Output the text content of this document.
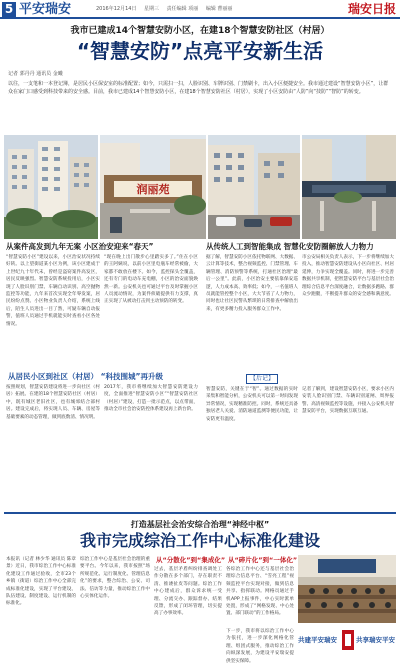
5 平安瑞安	2016年12月14日 星期三 责任编辑 项丽 编辑 曹丽丽	瑞安日报
我市已建成14个智慧安防小区，在建18个智慧安防社区（村居）
“智慧安防”点亮平安新生活
记者 郭丹丹 通讯员 金曦
以往，一支笔和一本登记簿，是居民小区保安室的标准配置；如今，只需扫一扫，人脸识别、车牌识别、门禁刷卡，出入小区便捷安全。我市通过建设“智慧安防小区”，让群众在家门口感受到科技带来的安全感。目前，我市已建成14个智慧安防小区，在建18个智慧安防社区（村居），实现了小区安防由“人防”向“技防”“智防”的转变。
润丽苑
从案件高发到九年无案 小区治安迎来“春天”	从传统人工到智能集成 智慧化安防圈解放人力物力
“智慧安防小区”建设以来，小区治安状况持续好转。以上望街道某小区为例，该小区建成于上世纪九十年代末，曾经是盗窃案件高发区，居民反映强烈。智慧安防系统投用后，小区实现了人脸识别门禁、车辆自动识别、高空抛物监控等功能，九年来首次实现全年零发案，居民纷纷点赞。小区物业负责人介绍，系统上线后，陌生人员进出一目了然，可疑车辆自动报警，值班人员通过手机就能实时查看小区各处情况。
“现在晚上出门散步心里踏实多了。”住在小区的王阿姨说，以前小区里电瓶车经常被偷，大家都不敢放在楼下。如今，监控探头全覆盖，还有专门的电动车充电棚，小区的治安面貌焕然一新。公安机关也可通过平台及时掌握小区人员流动情况，为案件侦破提供有力支撑，真正实现了从被动打击到主动预防的转变。
据了解，智慧安防小区依托物联网、大数据、云计算等技术，整合视频监控、门禁管理、车辆管理、消防预警等系统，打通社区治理“最后一公里”。此前，小区治安主要依靠保安巡逻，人力成本高、效率低；如今，一名值班人员就能管控整个小区，大大节省了人力物力，同时也让社区民警从繁琐的日常排查中解放出来，有更多精力投入服务群众工作中。
市公安局相关负责人表示，下一步将继续加大投入，推动智慧安防建设从小区向社区、村居延伸，力争实现全覆盖。同时，将进一步完善数据共享机制，把智慧安防平台与基层社会治理综合信息平台深度融合，让数据多跑路、群众少跑腿，不断提升群众的安全感和满意度。
从居民小区到社区（村居） “科技围城”再升级	【后记】
按照规划，智慧安防建设将进一步向社区（村居）拓展。在建的18个智慧安防社区（村居）中，既有城区老旧社区，也有城郊结合部村居。建设完成后，将实现人员、车辆、房屋等基础要素的动态管理，做到底数清、情况明。
2017年，我市将继续加大智慧安防建设力度，全面推进“智慧安防小区”“智慧安防社区（村居）”建设，打造一批示范点，以点带面，推动全市社会治安防控体系建设再上新台阶。
智慧安防，关键在于“智”。通过数据的实时采集和智能分析，公安机关可以第一时间发现异常情况，实现精准防控。同时，系统还具备独居老人关爱、消防通道监测等便民功能，让安防更有温度。
记者了解到，建设智慧安防小区，要求小区内安装人脸识别门禁、车辆识别道闸、周界报警、高清视频监控等设施，并接入公安机关智慧安防平台，实现数据互联互通。
打造基层社会治安综合治理“神经中枢”
我市完成综治工作中心标准化建设
本报讯（记者 林少华 通讯员 陈章景）近日，我市综治工作中心标准化建设工作通过验收，全市23个乡镇（街道）综治工作中心全部完成标准化建设，实现了平台建设、队伍建设、制度建设、运行机制的标准化。
综治工作中心是基层社会治理的重要平台。今年以来，我市按照“场所规范化、运行制度化、管理信息化”的要求，整合综治、公安、司法、信访等力量，推动综治工作中心实体化运作。
从“分散化”到“集成化”
过去，基层矛盾纠纷排查调处工作分散在多个部门，存在职责不清、推诿扯皮等问题。综治工作中心建成后，群众诉求统一受理、分流交办、跟踪督办、结果反馈，形成了闭环管理，切实提高了办事效率。
从“碎片化”到“一体化”
各综治工作中心还与基层社会治理综合信息平台、“雪亮工程”视频监控平台实现对接，做到信息共享、指挥联动。网格员通过手机APP上报事件，中心实时派单处置，形成了“网格发现、中心处置、部门联动”的工作格局。
下一步，我市将以综治工作中心为依托，进一步深化网格化管理、组团式服务，推动综治工作向纵深发展，为建设平安瑞安提供坚实保障。
共建平安瑞安	共享瑞安平安
